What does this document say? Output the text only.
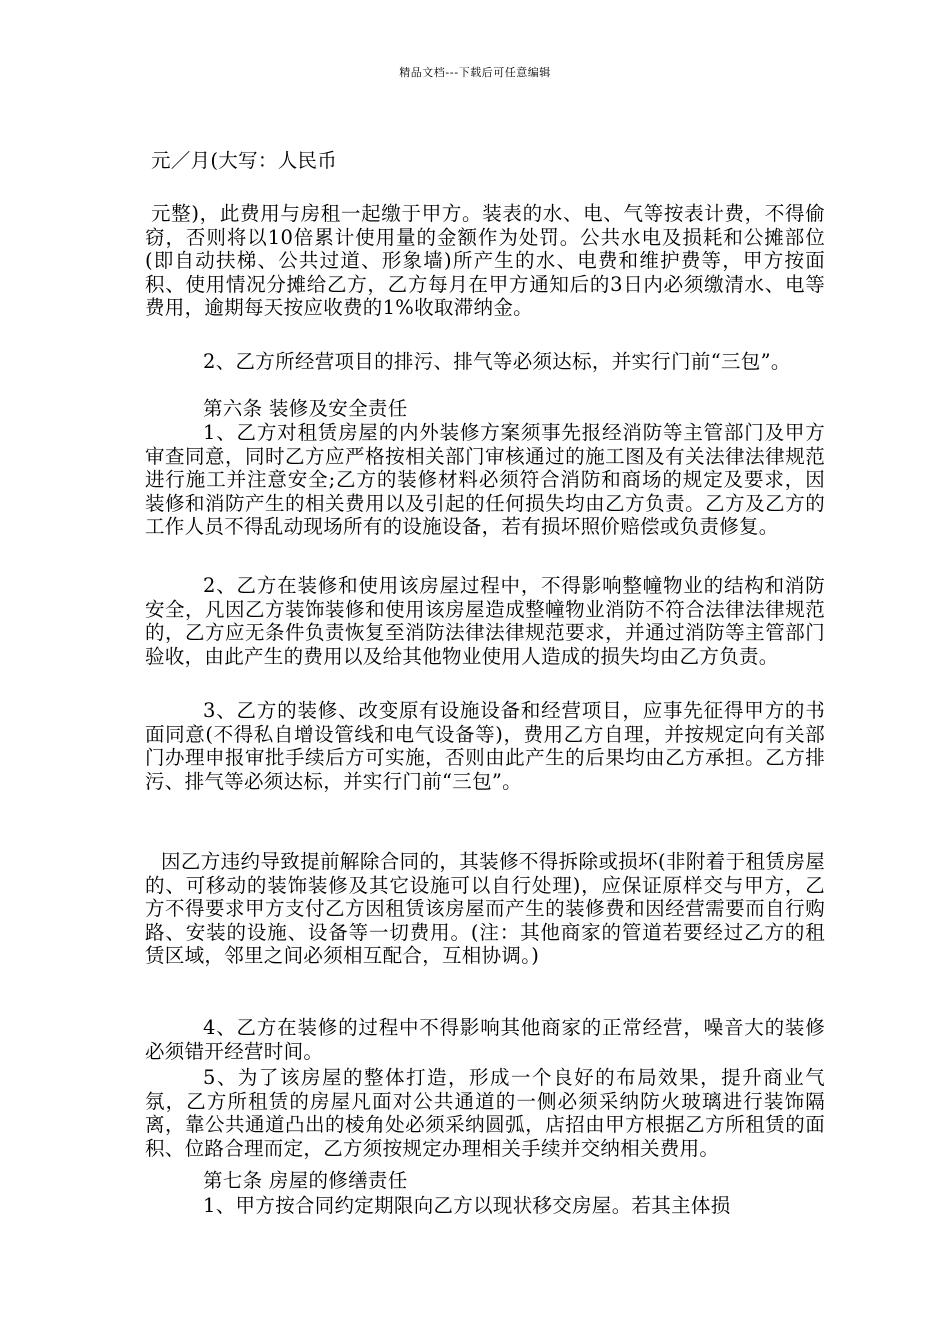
精品文档---下载后可任意编辑
元／月(大写：人民币
元整)，此费用与房租一起缴于甲方。装表的水、电、气等按表计费，不得偷窃，否则将以10倍累计使用量的金额作为处罚。公共水电及损耗和公摊部位(即自动扶梯、公共过道、形象墙)所产生的水、电费和维护费等，甲方按面积、使用情况分摊给乙方，乙方每月在甲方通知后的3日内必须缴清水、电等费用，逾期每天按应收费的1%收取滞纳金。
2、乙方所经营项目的排污、排气等必须达标，并实行门前“三包”。
第六条 装修及安全责任
1、乙方对租赁房屋的内外装修方案须事先报经消防等主管部门及甲方审查同意，同时乙方应严格按相关部门审核通过的施工图及有关法律法律规范进行施工并注意安全;乙方的装修材料必须符合消防和商场的规定及要求，因装修和消防产生的相关费用以及引起的任何损失均由乙方负责。乙方及乙方的工作人员不得乱动现场所有的设施设备，若有损坏照价赔偿或负责修复。
2、乙方在装修和使用该房屋过程中，不得影响整幢物业的结构和消防安全，凡因乙方装饰装修和使用该房屋造成整幢物业消防不符合法律法律规范的，乙方应无条件负责恢复至消防法律法律规范要求，并通过消防等主管部门验收，由此产生的费用以及给其他物业使用人造成的损失均由乙方负责。
3、乙方的装修、改变原有设施设备和经营项目，应事先征得甲方的书面同意(不得私自增设管线和电气设备等)，费用乙方自理，并按规定向有关部门办理申报审批手续后方可实施，否则由此产生的后果均由乙方承担。乙方排污、排气等必须达标，并实行门前“三包”。
因乙方违约导致提前解除合同的，其装修不得拆除或损坏(非附着于租赁房屋的、可移动的装饰装修及其它设施可以自行处理)，应保证原样交与甲方，乙方不得要求甲方支付乙方因租赁该房屋而产生的装修费和因经营需要而自行购路、安装的设施、设备等一切费用。(注：其他商家的管道若要经过乙方的租赁区域，邻里之间必须相互配合，互相协调。)
4、乙方在装修的过程中不得影响其他商家的正常经营，噪音大的装修必须错开经营时间。
5、为了该房屋的整体打造，形成一个良好的布局效果，提升商业气氛，乙方所租赁的房屋凡面对公共通道的一侧必须采纳防火玻璃进行装饰隔离，靠公共通道凸出的棱角处必须采纳圆弧，店招由甲方根据乙方所租赁的面积、位路合理而定，乙方须按规定办理相关手续并交纳相关费用。
第七条 房屋的修缮责任
1、甲方按合同约定期限向乙方以现状移交房屋。若其主体损
